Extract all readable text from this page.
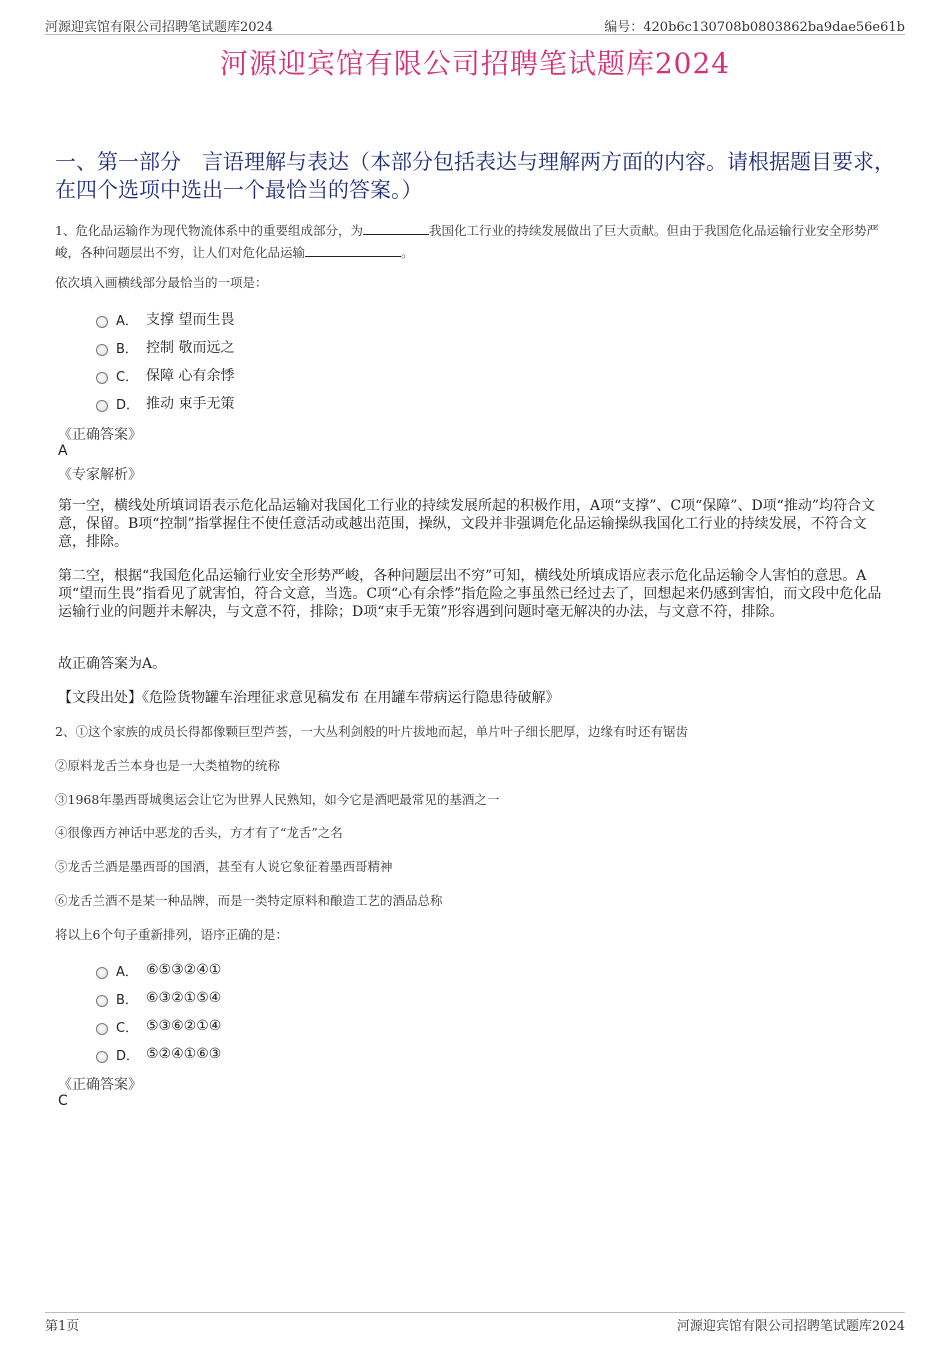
河源迎宾馆有限公司招聘笔试题库2024	编号：420b6c130708b0803862ba9dae56e61b
河源迎宾馆有限公司招聘笔试题库2024
一、第一部分　言语理解与表达（本部分包括表达与理解两方面的内容。请根据题目要求，在四个选项中选出一个最恰当的答案。）
1、危化品运输作为现代物流体系中的重要组成部分，为	我国化工行业的持续发展做出了巨大贡献。但由于我国危化品运输行业安全形势严峻，各种问题层出不穷，让人们对危化品运输	。
依次填入画横线部分最恰当的一项是：
A． 支撑 望而生畏
B． 控制 敬而远之
C． 保障 心有余悸
D． 推动 束手无策
《正确答案》
A
《专家解析》
第一空，横线处所填词语表示危化品运输对我国化工行业的持续发展所起的积极作用，A项“支撑”、C项“保障”、D项“推动”均符合文意，保留。B项“控制”指掌握住不使任意活动或越出范围，操纵，文段并非强调危化品运输操纵我国化工行业的持续发展，不符合文意，排除。
第二空，根据“我国危化品运输行业安全形势严峻，各种问题层出不穷”可知，横线处所填成语应表示危化品运输令人害怕的意思。A项“望而生畏”指看见了就害怕，符合文意，当选。C项“心有余悸”指危险之事虽然已经过去了，回想起来仍感到害怕，而文段中危化品运输行业的问题并未解决，与文意不符，排除；D项“束手无策”形容遇到问题时毫无解决的办法，与文意不符，排除。
故正确答案为A。
【文段出处】《危险货物罐车治理征求意见稿发布 在用罐车带病运行隐患待破解》
2、①这个家族的成员长得都像颗巨型芦荟，一大丛利剑般的叶片拔地而起，单片叶子细长肥厚，边缘有时还有锯齿
②原料龙舌兰本身也是一大类植物的统称
③1968年墨西哥城奥运会让它为世界人民熟知，如今它是酒吧最常见的基酒之一
④很像西方神话中恶龙的舌头，方才有了“龙舌”之名
⑤龙舌兰酒是墨西哥的国酒，甚至有人说它象征着墨西哥精神
⑥龙舌兰酒不是某一种品牌，而是一类特定原料和酿造工艺的酒品总称
将以上6个句子重新排列，语序正确的是：
A． ⑥⑤③②④①
B． ⑥③②①⑤④
C． ⑤③⑥②①④
D． ⑤②④①⑥③
《正确答案》
C
第1页	河源迎宾馆有限公司招聘笔试题库2024
